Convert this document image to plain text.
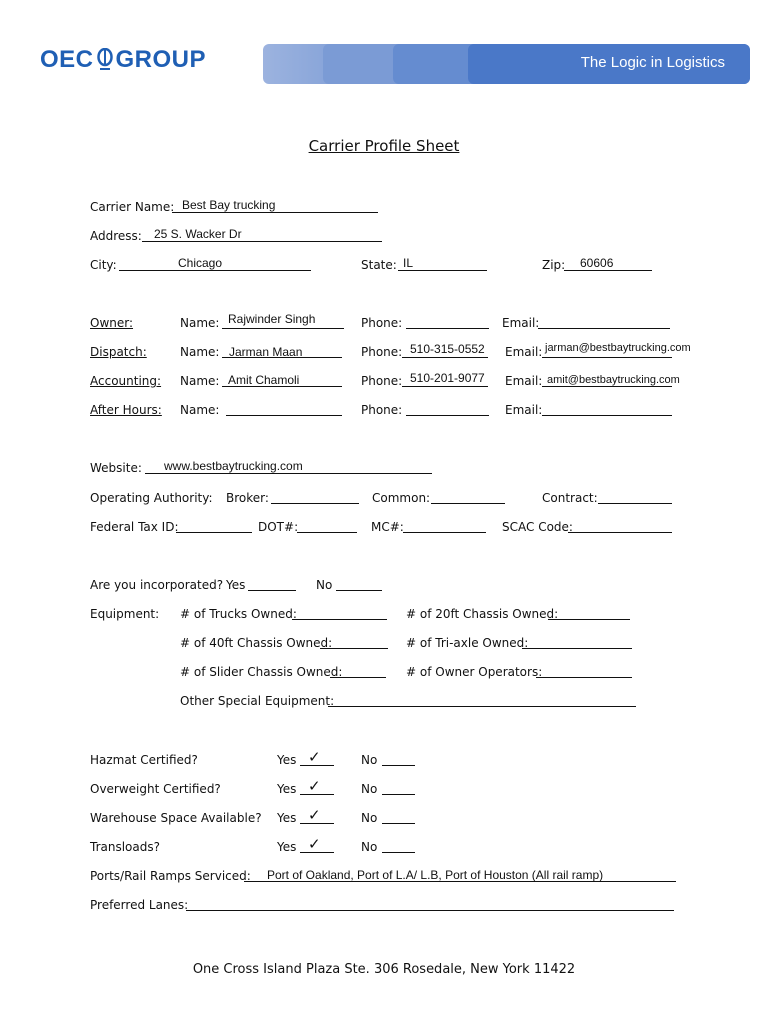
OEC GROUP	The Logic in Logistics
Carrier Profile Sheet
Carrier Name: Best Bay trucking
Address: 25 S. Wacker Dr
City:	Chicago	State: IL	Zip: 60606
Owner:	Name: Rajwinder Singh	Phone:	Email:
Dispatch:	Name: Jarman Maan	Phone: 510-315-0552 Email: jarman@bestbaytrucking.com
Accounting: Name: Amit Chamoli	Phone: 510-201-9077 Email: amit@bestbaytrucking.com
After Hours: Name:	Phone:	Email:
Website: www.bestbaytrucking.com
Operating Authority: Broker:	Common:	Contract:
Federal Tax ID:	DOT#:	MC#:	SCAC Code:
Are you incorporated? Yes	No
Equipment: # of Trucks Owned:	# of 20ft Chassis Owned:
# of 40ft Chassis Owned:	# of Tri-axle Owned:
# of Slider Chassis Owned:	# of Owner Operators:
Other Special Equipment:
Hazmat Certified?	Yes ✓	No
Overweight Certified?	Yes ✓	No
Warehouse Space Available? Yes ✓	No
Transloads?	Yes ✓	No
Ports/Rail Ramps Serviced: Port of Oakland, Port of L.A/ L.B, Port of Houston (All rail ramp)
Preferred Lanes:
One Cross Island Plaza Ste. 306 Rosedale, New York 11422
